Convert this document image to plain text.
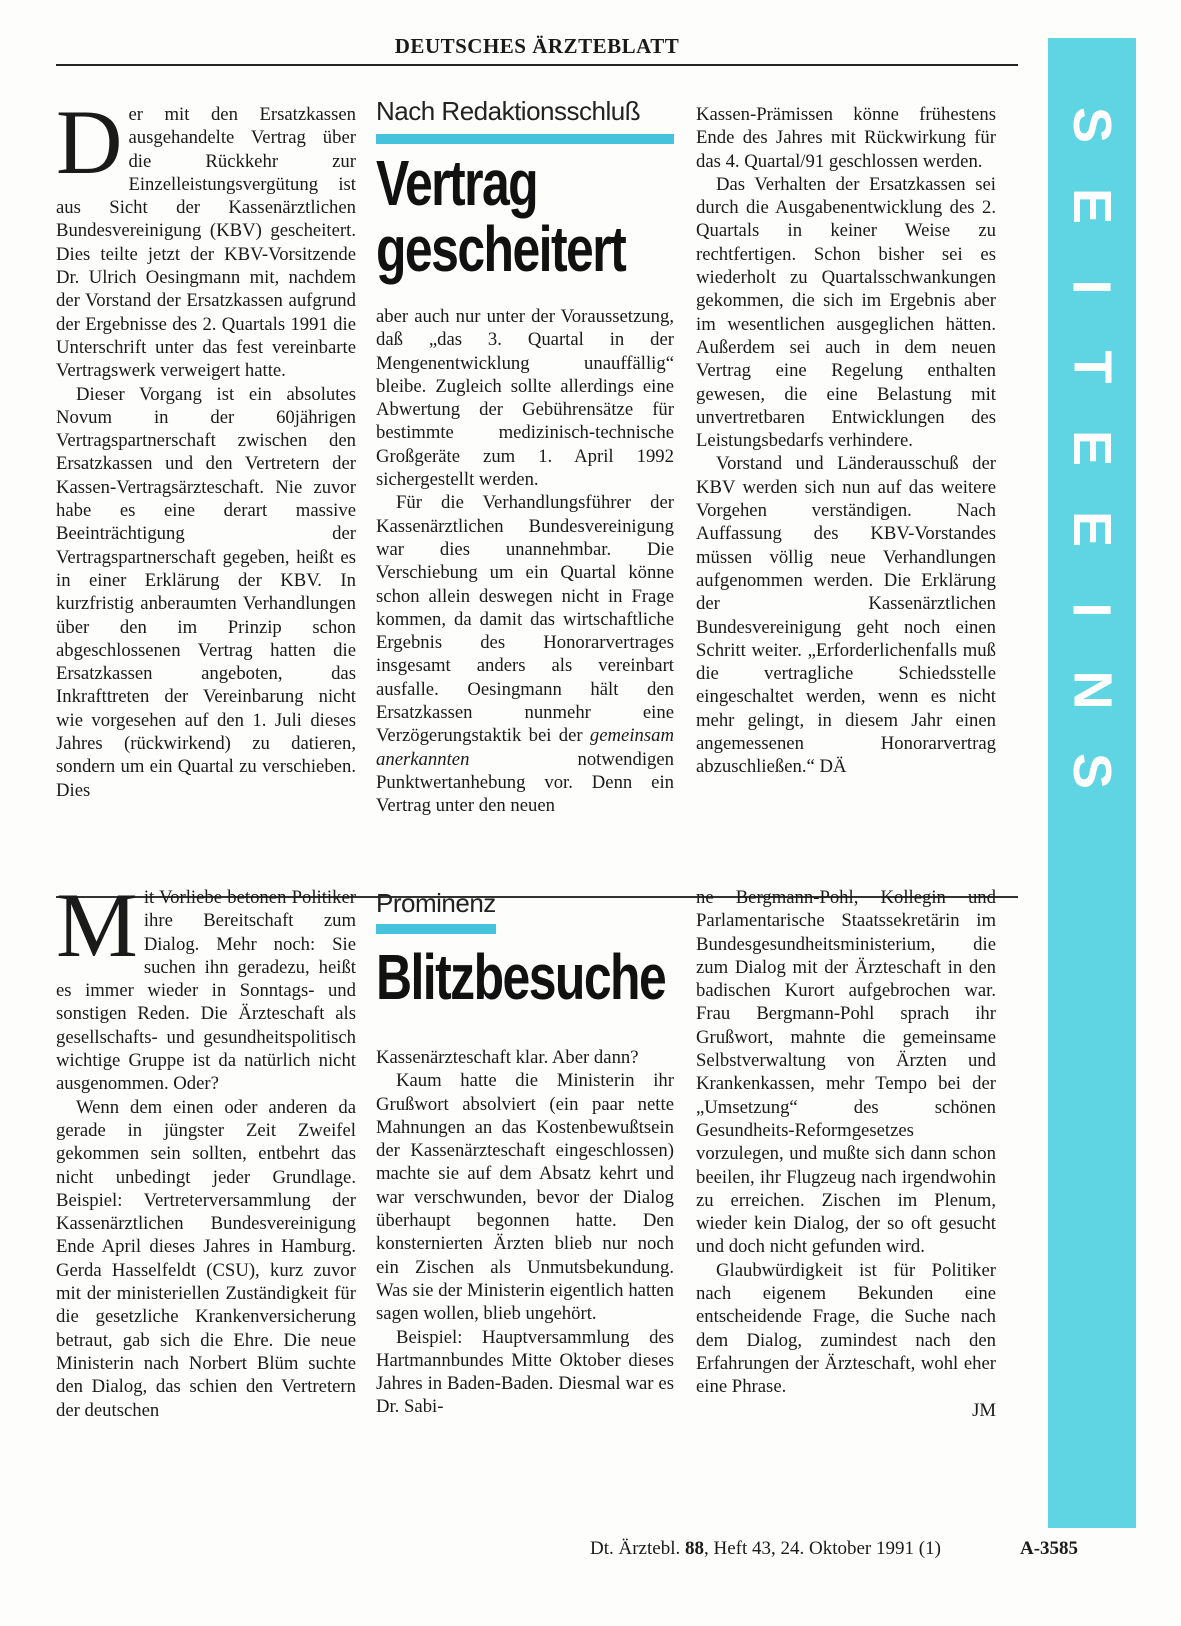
DEUTSCHES ÄRZTEBLATT
S
E
I
T
E
E
I
N
S
Nach Redaktionsschluß
Vertrag
gescheitert

Der mit den Ersatzkassen ausgehandelte Vertrag über die Rückkehr zur Einzelleistungsvergütung ist aus Sicht der Kassenärztlichen Bundesvereinigung (KBV) gescheitert. Dies teilte jetzt der KBV-Vorsitzende Dr. Ulrich Oesingmann mit, nachdem der Vorstand der Ersatzkassen aufgrund der Ergebnisse des 2. Quartals 1991 die Unterschrift unter das fest vereinbarte Vertragswerk verweigert hatte.

Dieser Vorgang ist ein absolutes Novum in der 60jährigen Vertragspartnerschaft zwischen den Ersatzkassen und den Vertretern der Kassen-Vertragsärzteschaft. Nie zuvor habe es eine derart massive Beeinträchtigung der Vertragspartnerschaft gegeben, heißt es in einer Erklärung der KBV. In kurzfristig anberaumten Verhandlungen über den im Prinzip schon abgeschlossenen Vertrag hatten die Ersatzkassen angeboten, das Inkrafttreten der Vereinbarung nicht wie vorgesehen auf den 1. Juli dieses Jahres (rückwirkend) zu datieren, sondern um ein Quartal zu verschieben. Dies

aber auch nur unter der Voraussetzung, daß „das 3. Quartal in der Mengenentwicklung unauffällig“ bleibe. Zugleich sollte allerdings eine Abwertung der Gebührensätze für bestimmte medizinisch-technische Großgeräte zum 1. April 1992 sichergestellt werden.

Für die Verhandlungsführer der Kassenärztlichen Bundesvereinigung war dies unannehmbar. Die Verschiebung um ein Quartal könne schon allein deswegen nicht in Frage kommen, da damit das wirtschaftliche Ergebnis des Honorarvertrages insgesamt anders als vereinbart ausfalle. Oesingmann hält den Ersatzkassen nunmehr eine Verzögerungstaktik bei der gemeinsam anerkannten notwendigen Punktwertanhebung vor. Denn ein Vertrag unter den neuen

Kassen-Prämissen könne frühestens Ende des Jahres mit Rückwirkung für das 4. Quartal/91 geschlossen werden.

Das Verhalten der Ersatzkassen sei durch die Ausgabenentwicklung des 2. Quartals in keiner Weise zu rechtfertigen. Schon bisher sei es wiederholt zu Quartalsschwankungen gekommen, die sich im Ergebnis aber im wesentlichen ausgeglichen hätten. Außerdem sei auch in dem neuen Vertrag eine Regelung enthalten gewesen, die eine Belastung mit unvertretbaren Entwicklungen des Leistungsbedarfs verhindere.

Vorstand und Länderausschuß der KBV werden sich nun auf das weitere Vorgehen verständigen. Nach Auffassung des KBV-Vorstandes müssen völlig neue Verhandlungen aufgenommen werden. Die Erklärung der Kassenärztlichen Bundesvereinigung geht noch einen Schritt weiter. „Erforderlichenfalls muß die vertragliche Schiedsstelle eingeschaltet werden, wenn es nicht mehr gelingt, in diesem Jahr einen angemessenen Honorarvertrag abzuschließen.“ DÄ

Prominenz
Blitzbesuche

Mit Vorliebe betonen Politiker ihre Bereitschaft zum Dialog. Mehr noch: Sie suchen ihn geradezu, heißt es immer wieder in Sonntags- und sonstigen Reden. Die Ärzteschaft als gesellschafts- und gesundheitspolitisch wichtige Gruppe ist da natürlich nicht ausgenommen. Oder?

Wenn dem einen oder anderen da gerade in jüngster Zeit Zweifel gekommen sein sollten, entbehrt das nicht unbedingt jeder Grundlage. Beispiel: Vertreterversammlung der Kassenärztlichen Bundesvereinigung Ende April dieses Jahres in Hamburg. Gerda Hasselfeldt (CSU), kurz zuvor mit der ministeriellen Zuständigkeit für die gesetzliche Krankenversicherung betraut, gab sich die Ehre. Die neue Ministerin nach Norbert Blüm suchte den Dialog, das schien den Vertretern der deutschen

Kassenärzteschaft klar. Aber dann?

Kaum hatte die Ministerin ihr Grußwort absolviert (ein paar nette Mahnungen an das Kostenbewußtsein der Kassenärzteschaft eingeschlossen) machte sie auf dem Absatz kehrt und war verschwunden, bevor der Dialog überhaupt begonnen hatte. Den konsternierten Ärzten blieb nur noch ein Zischen als Unmutsbekundung. Was sie der Ministerin eigentlich hatten sagen wollen, blieb ungehört.

Beispiel: Hauptversammlung des Hartmannbundes Mitte Oktober dieses Jahres in Baden-Baden. Diesmal war es Dr. Sabi-

ne Bergmann-Pohl, Kollegin und Parlamentarische Staatssekretärin im Bundesgesundheitsministerium, die zum Dialog mit der Ärzteschaft in den badischen Kurort aufgebrochen war. Frau Bergmann-Pohl sprach ihr Grußwort, mahnte die gemeinsame Selbstverwaltung von Ärzten und Krankenkassen, mehr Tempo bei der „Umsetzung“ des schönen Gesundheits-Reformgesetzes vorzulegen, und mußte sich dann schon beeilen, ihr Flugzeug nach irgendwohin zu erreichen. Zischen im Plenum, wieder kein Dialog, der so oft gesucht und doch nicht gefunden wird.

Glaubwürdigkeit ist für Politiker nach eigenem Bekunden eine entscheidende Frage, die Suche nach dem Dialog, zumindest nach den Erfahrungen der Ärzteschaft, wohl eher eine Phrase.

JM

Dt. Ärztebl. 88, Heft 43, 24. Oktober 1991 (1)	A-3585
